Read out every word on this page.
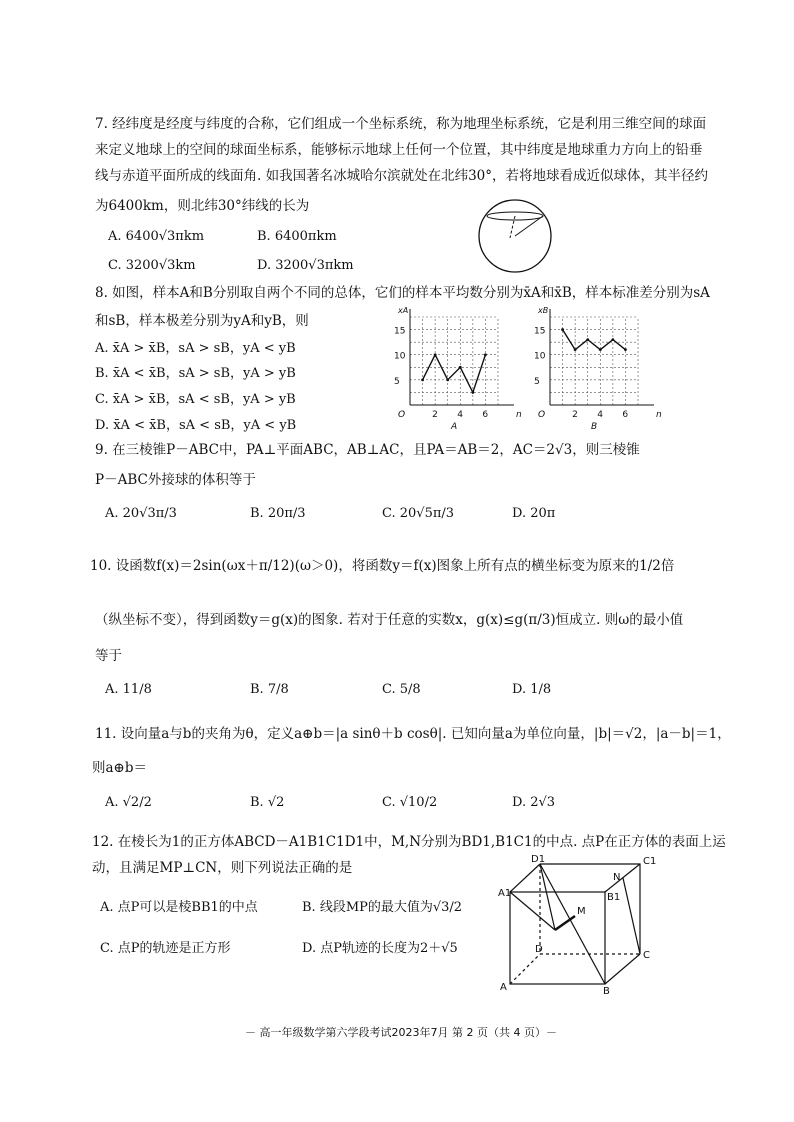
7. 经纬度是经度与纬度的合称，它们组成一个坐标系统，称为地理坐标系统，它是利用三维空间的球面
来定义地球上的空间的球面坐标系，能够标示地球上任何一个位置，其中纬度是地球重力方向上的铅垂
线与赤道平面所成的线面角. 如我国著名冰城哈尔滨就处在北纬30°，若将地球看成近似球体，其半径约
为6400km，则北纬30°纬线的长为
A. 6400√3πkm	B. 6400πkm
C. 3200√3km	D. 3200√3πkm
8. 如图，样本A和B分别取自两个不同的总体，它们的样本平均数分别为x̄A和x̄B，样本标准差分别为sA
和sB，样本极差分别为yA和yB，则
A. x̄A > x̄B，sA > sB，yA < yB
B. x̄A < x̄B，sA > sB，yA > yB
C. x̄A > x̄B，sA < sB，yA > yB
D. x̄A < x̄B，sA < sB，yA < yB
5
10
15
2 4 6
O	n
xA
A
5
10
15
2 4 6
O	n
xB
B
9. 在三棱锥P－ABC中，PA⊥平面ABC，AB⊥AC，且PA＝AB＝2，AC＝2√3，则三棱锥
P－ABC外接球的体积等于
A. 20√3π/3	B. 20π/3	C. 20√5π/3	D. 20π
10. 设函数f(x)＝2sin(ωx＋π/12)(ω＞0)，将函数y＝f(x)图象上所有点的横坐标变为原来的1/2倍
（纵坐标不变），得到函数y＝g(x)的图象. 若对于任意的实数x，g(x)≤g(π/3)恒成立. 则ω的最小值
等于
A. 11/8	B. 7/8	C. 5/8	D. 1/8
11. 设向量a与b的夹角为θ，定义a⊕b＝|a sinθ＋b cosθ|. 已知向量a为单位向量，|b|＝√2，|a－b|＝1，
则a⊕b＝
A. √2/2	B. √2	C. √10/2	D. 2√3
12. 在棱长为1的正方体ABCD－A1B1C1D1中，M,N分别为BD1,B1C1的中点. 点P在正方体的表面上运
动，且满足MP⊥CN，则下列说法正确的是
A. 点P可以是棱BB1的中点	B. 线段MP的最大值为√3/2
C. 点P的轨迹是正方形	D. 点P轨迹的长度为2＋√5
D1	C1
A1
N
B1
M
D
C
A	B
－ 高一年级数学第六学段考试2023年7月 第 2 页（共 4 页）－
